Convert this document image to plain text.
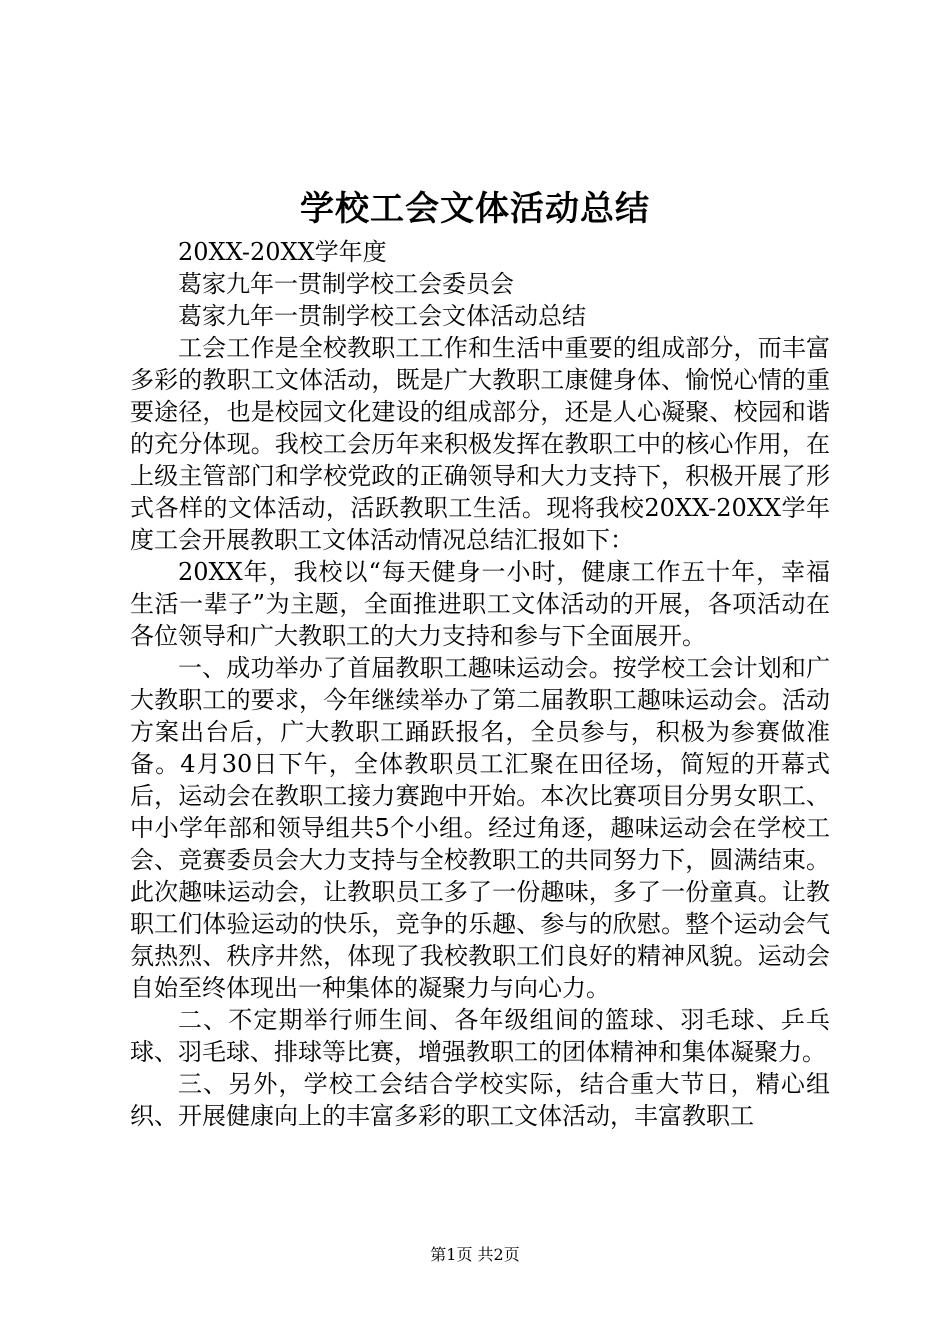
学校工会文体活动总结

20XX-20XX学年度

葛家九年一贯制学校工会委员会

葛家九年一贯制学校工会文体活动总结

工会工作是全校教职工工作和生活中重要的组成部分，而丰富多彩的教职工文体活动，既是广大教职工康健身体、愉悦心情的重要途径，也是校园文化建设的组成部分，还是人心凝聚、校园和谐的充分体现。我校工会历年来积极发挥在教职工中的核心作用，在上级主管部门和学校党政的正确领导和大力支持下，积极开展了形式各样的文体活动，活跃教职工生活。现将我校20XX-20XX学年度工会开展教职工文体活动情况总结汇报如下：

20XX年，我校以“每天健身一小时，健康工作五十年，幸福生活一辈子”为主题，全面推进职工文体活动的开展，各项活动在各位领导和广大教职工的大力支持和参与下全面展开。

一、成功举办了首届教职工趣味运动会。按学校工会计划和广大教职工的要求，今年继续举办了第二届教职工趣味运动会。活动方案出台后，广大教职工踊跃报名，全员参与，积极为参赛做准备。4月30日下午，全体教职员工汇聚在田径场，简短的开幕式后，运动会在教职工接力赛跑中开始。本次比赛项目分男女职工、中小学年部和领导组共5个小组。经过角逐，趣味运动会在学校工会、竞赛委员会大力支持与全校教职工的共同努力下，圆满结束。此次趣味运动会，让教职员工多了一份趣味，多了一份童真。让教职工们体验运动的快乐，竞争的乐趣、参与的欣慰。整个运动会气氛热烈、秩序井然，体现了我校教职工们良好的精神风貌。运动会自始至终体现出一种集体的凝聚力与向心力。

二、不定期举行师生间、各年级组间的篮球、羽毛球、乒乓球、羽毛球、排球等比赛，增强教职工的团体精神和集体凝聚力。

三、另外，学校工会结合学校实际，结合重大节日，精心组织、开展健康向上的丰富多彩的职工文体活动，丰富教职工

第1页 共2页
